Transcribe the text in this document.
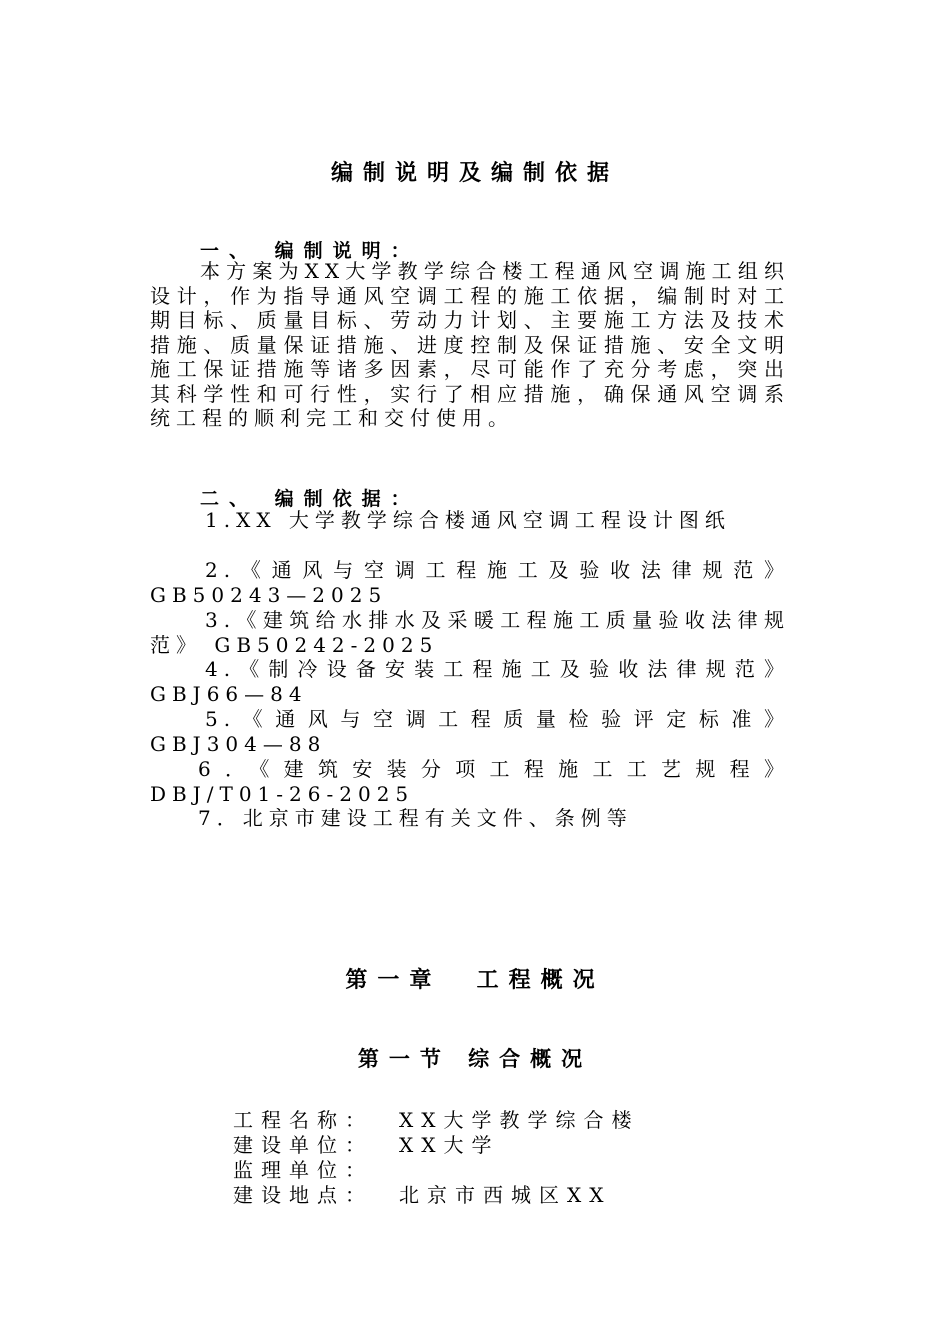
编制说明及编制依据
一、 编制说明：

本方案为XX大学教学综合楼工程通风空调施工组织设计，作为指导通风空调工程的施工依据，编制时对工期目标、质量目标、劳动力计划、主要施工方法及技术措施、质量保证措施、进度控制及保证措施、安全文明施工保证措施等诸多因素，尽可能作了充分考虑，突出其科学性和可行性，实行了相应措施，确保通风空调系统工程的顺利完工和交付使用。

二、 编制依据：

1.XX 大学教学综合楼通风空调工程设计图纸

2.《通风与空调工程施工及验收法律规范》 GB50243—2025

3.《建筑给水排水及采暖工程施工质量验收法律规范》 GB50242-2025

4.《制冷设备安装工程施工及验收法律规范》 GBJ66—84

5.《通风与空调工程质量检验评定标准》 GBJ304—88

6．《建筑安装分项工程施工工艺规程》 DBJ/T01-26-2025

7．北京市建设工程有关文件、条例等

第一章  工程概况
第一节 综合概况
工程名称： XX大学教学综合楼
建设单位： XX大学
监理单位：
建设地点： 北京市西城区XX
